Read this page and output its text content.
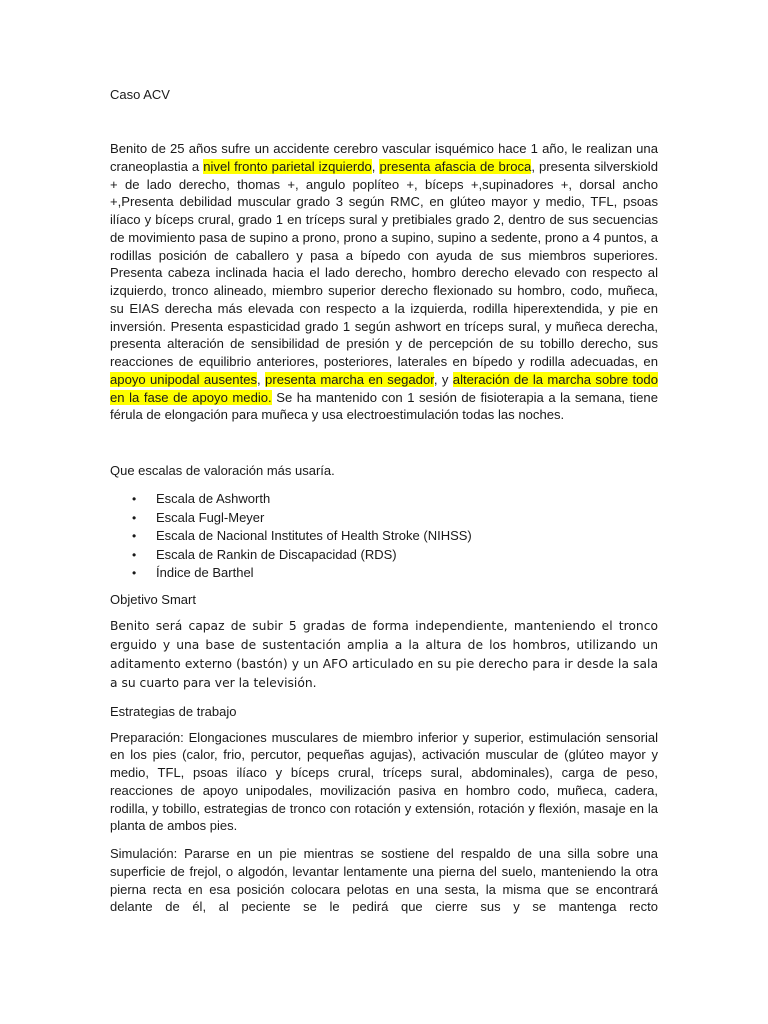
Caso ACV

Benito de 25 años sufre un accidente cerebro vascular isquémico hace 1 año, le realizan una craneoplastia a nivel fronto parietal izquierdo, presenta afascia de broca, presenta silverskiold + de lado derecho, thomas +, angulo poplíteo +, bíceps +,supinadores +, dorsal ancho +,Presenta debilidad muscular grado 3 según RMC, en glúteo mayor y medio, TFL, psoas ilíaco y bíceps crural, grado 1 en tríceps sural y pretibiales grado 2, dentro de sus secuencias de movimiento pasa de supino a prono, prono a supino, supino a sedente, prono a 4 puntos, a rodillas posición de caballero y pasa a bípedo con ayuda de sus miembros superiores. Presenta cabeza inclinada hacia el lado derecho, hombro derecho elevado con respecto al izquierdo, tronco alineado, miembro superior derecho flexionado su hombro, codo, muñeca, su EIAS derecha más elevada con respecto a la izquierda, rodilla hiperextendida, y pie en inversión. Presenta espasticidad grado 1 según ashwort en tríceps sural, y muñeca derecha, presenta alteración de sensibilidad de presión y de percepción de su tobillo derecho, sus reacciones de equilibrio anteriores, posteriores, laterales en bípedo y rodilla adecuadas, en apoyo unipodal ausentes, presenta marcha en segador, y alteración de la marcha sobre todo en la fase de apoyo medio. Se ha mantenido con 1 sesión de fisioterapia a la semana, tiene férula de elongación para muñeca y usa electroestimulación todas las noches.

Que escalas de valoración más usaría.

• Escala de Ashworth
• Escala Fugl-Meyer
• Escala de Nacional Institutes of Health Stroke (NIHSS)
• Escala de Rankin de Discapacidad (RDS)
• Índice de Barthel

Objetivo Smart

Benito será capaz de subir 5 gradas de forma independiente, manteniendo el tronco erguido y una base de sustentación amplia a la altura de los hombros, utilizando un aditamento externo (bastón) y un AFO articulado en su pie derecho para ir desde la sala a su cuarto para ver la televisión.

Estrategias de trabajo

Preparación: Elongaciones musculares de miembro inferior y superior, estimulación sensorial en los pies (calor, frio, percutor, pequeñas agujas), activación muscular de (glúteo mayor y medio, TFL, psoas ilíaco y bíceps crural, tríceps sural, abdominales), carga de peso, reacciones de apoyo unipodales, movilización pasiva en hombro codo, muñeca, cadera, rodilla, y tobillo, estrategias de tronco con rotación y extensión, rotación y flexión, masaje en la planta de ambos pies.

Simulación: Pararse en un pie mientras se sostiene del respaldo de una silla sobre una superficie de frejol, o algodón, levantar lentamente una pierna del suelo, manteniendo la otra pierna recta en esa posición colocara pelotas en una sesta, la misma que se encontrará delante de él, al peciente se le pedirá que cierre sus y se mantenga recto
